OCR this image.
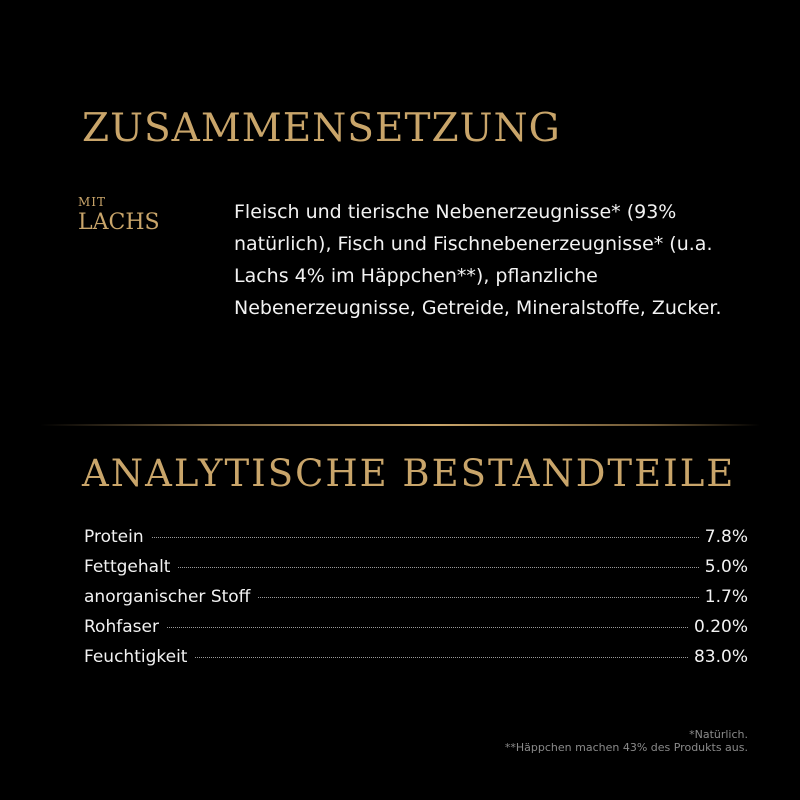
ZUSAMMENSETZUNG
MIT
LACHS	Fleisch und tierische Nebenerzeugnisse* (93% natürlich), Fisch und Fischnebenerzeugnisse* (u.a. Lachs 4% im Häppchen**), pflanzliche Nebenerzeugnisse, Getreide, Mineralstoffe, Zucker.

ANALYTISCHE BESTANDTEILE
Protein	7.8%
Fettgehalt	5.0%
anorganischer Stoff	1.7%
Rohfaser	0.20%
Feuchtigkeit	83.0%
*Natürlich.
**Häppchen machen 43% des Produkts aus.
